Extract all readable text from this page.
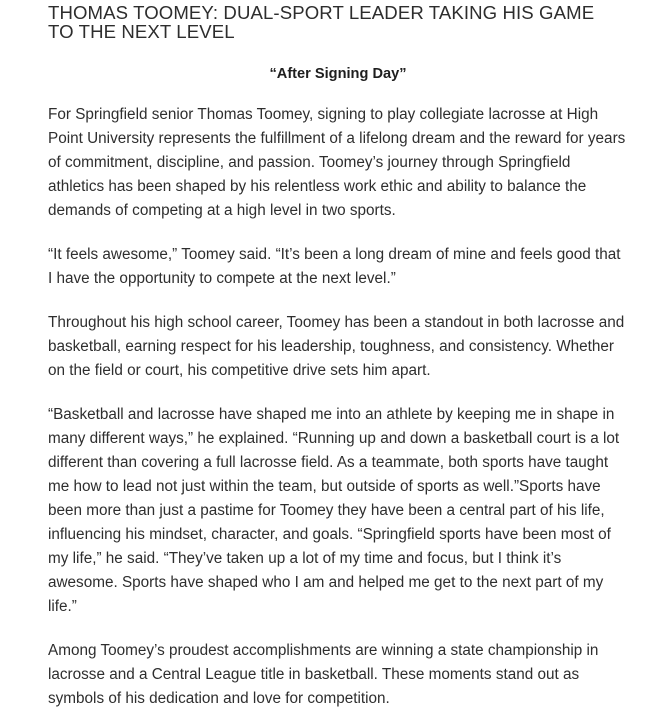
THOMAS TOOMEY: DUAL-SPORT LEADER TAKING HIS GAME
TO THE NEXT LEVEL
“After Signing Day”

For Springfield senior Thomas Toomey, signing to play collegiate lacrosse at High Point University represents the fulfillment of a lifelong dream and the reward for years of commitment, discipline, and passion. Toomey’s journey through Springfield athletics has been shaped by his relentless work ethic and ability to balance the demands of competing at a high level in two sports.

“It feels awesome,” Toomey said. “It’s been a long dream of mine and feels good that I have the opportunity to compete at the next level.”

Throughout his high school career, Toomey has been a standout in both lacrosse and basketball, earning respect for his leadership, toughness, and consistency. Whether on the field or court, his competitive drive sets him apart.

“Basketball and lacrosse have shaped me into an athlete by keeping me in shape in many different ways,” he explained. “Running up and down a basketball court is a lot different than covering a full lacrosse field. As a teammate, both sports have taught me how to lead not just within the team, but outside of sports as well.”Sports have been more than just a pastime for Toomey they have been a central part of his life, influencing his mindset, character, and goals. “Springfield sports have been most of my life,” he said. “They’ve taken up a lot of my time and focus, but I think it’s awesome. Sports have shaped who I am and helped me get to the next part of my life.”

Among Toomey’s proudest accomplishments are winning a state championship in lacrosse and a Central League title in basketball. These moments stand out as symbols of his dedication and love for competition.
